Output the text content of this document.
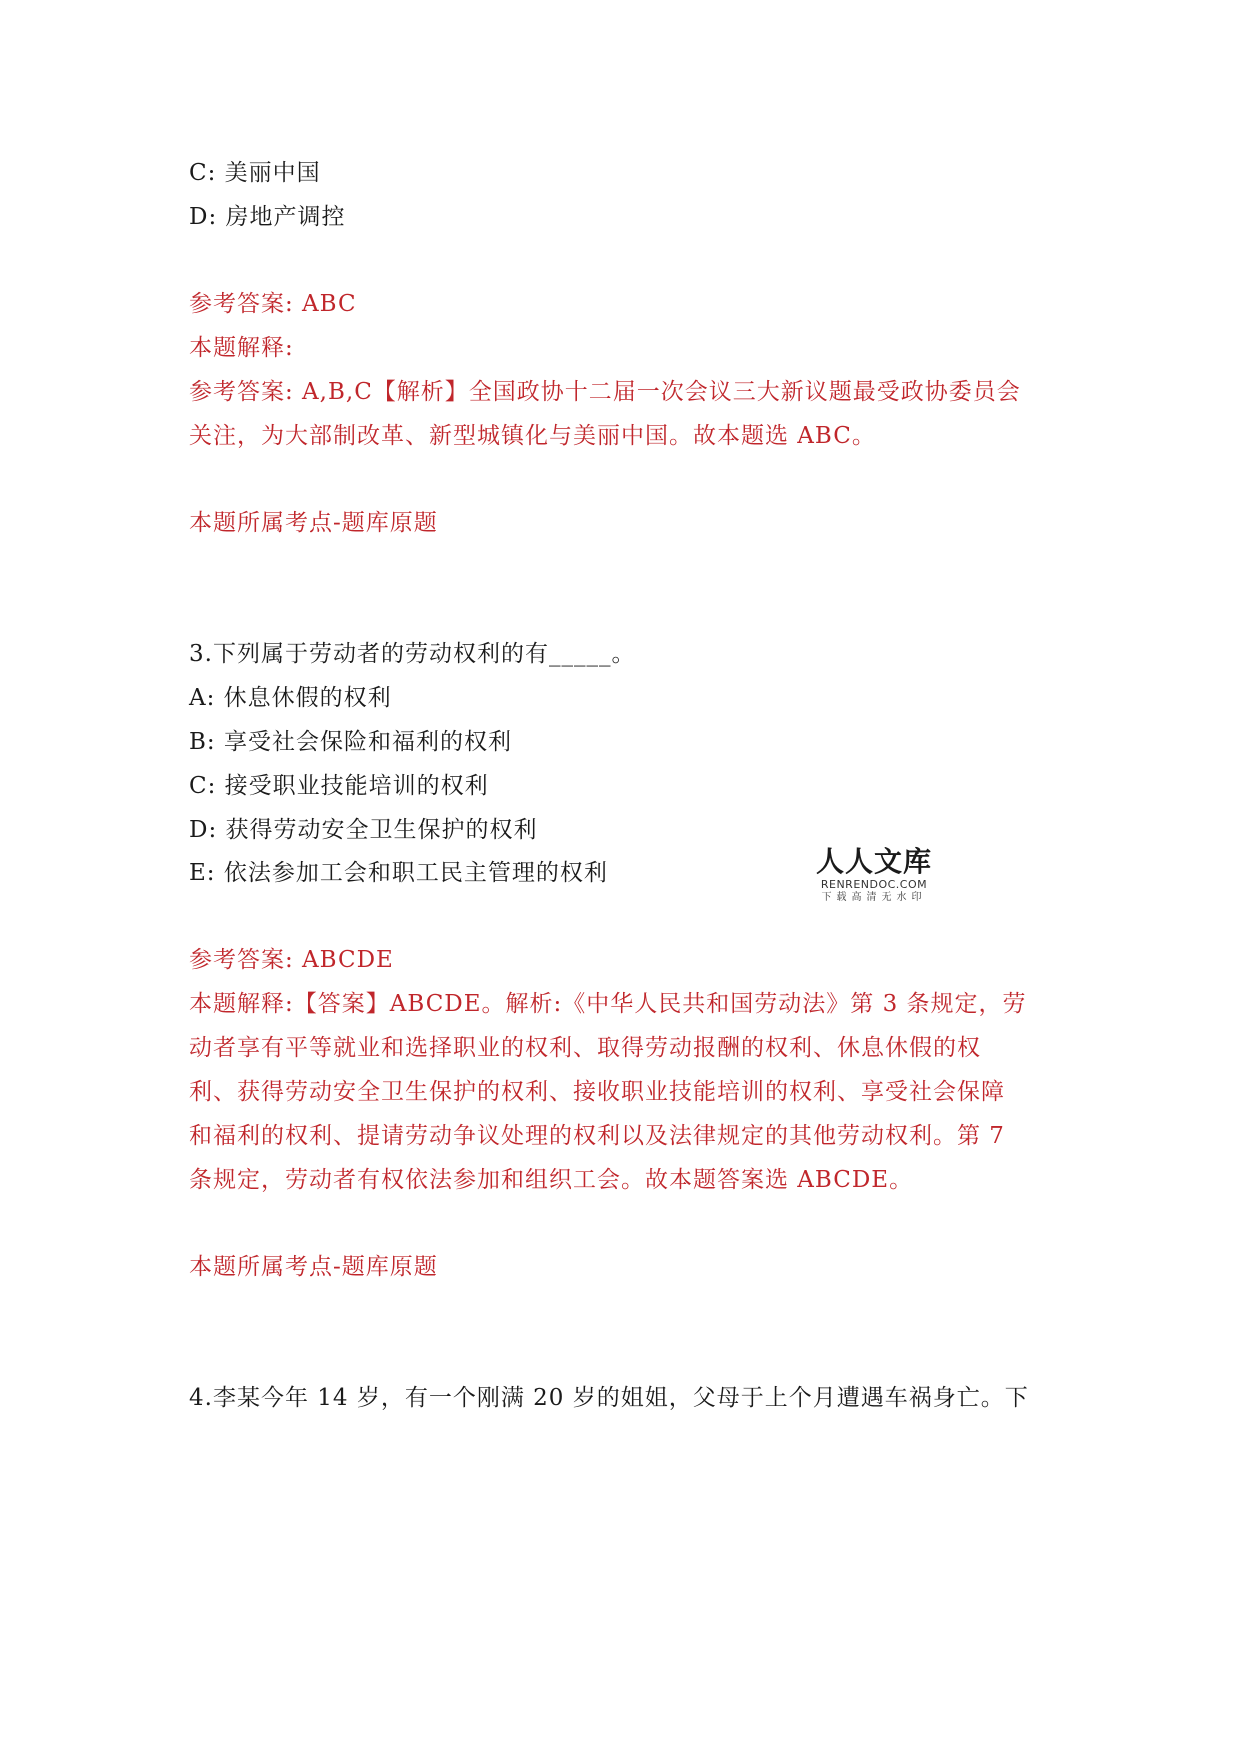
C: 美丽中国
D: 房地产调控
参考答案: ABC
本题解释:
参考答案: A,B,C【解析】全国政协十二届一次会议三大新议题最受政协委员会
关注，为大部制改革、新型城镇化与美丽中国。故本题选 ABC。
本题所属考点-题库原题
3.下列属于劳动者的劳动权利的有_____。
A: 休息休假的权利
B: 享受社会保险和福利的权利
C: 接受职业技能培训的权利
D: 获得劳动安全卫生保护的权利
E: 依法参加工会和职工民主管理的权利
参考答案: ABCDE
本题解释:【答案】ABCDE。解析:《中华人民共和国劳动法》第 3 条规定，劳
动者享有平等就业和选择职业的权利、取得劳动报酬的权利、休息休假的权
利、获得劳动安全卫生保护的权利、接收职业技能培训的权利、享受社会保障
和福利的权利、提请劳动争议处理的权利以及法律规定的其他劳动权利。第 7
条规定，劳动者有权依法参加和组织工会。故本题答案选 ABCDE。
本题所属考点-题库原题
4.李某今年 14 岁，有一个刚满 20 岁的姐姐，父母于上个月遭遇车祸身亡。下
人人文库
RENRENDOC.COM
下载高清无水印
